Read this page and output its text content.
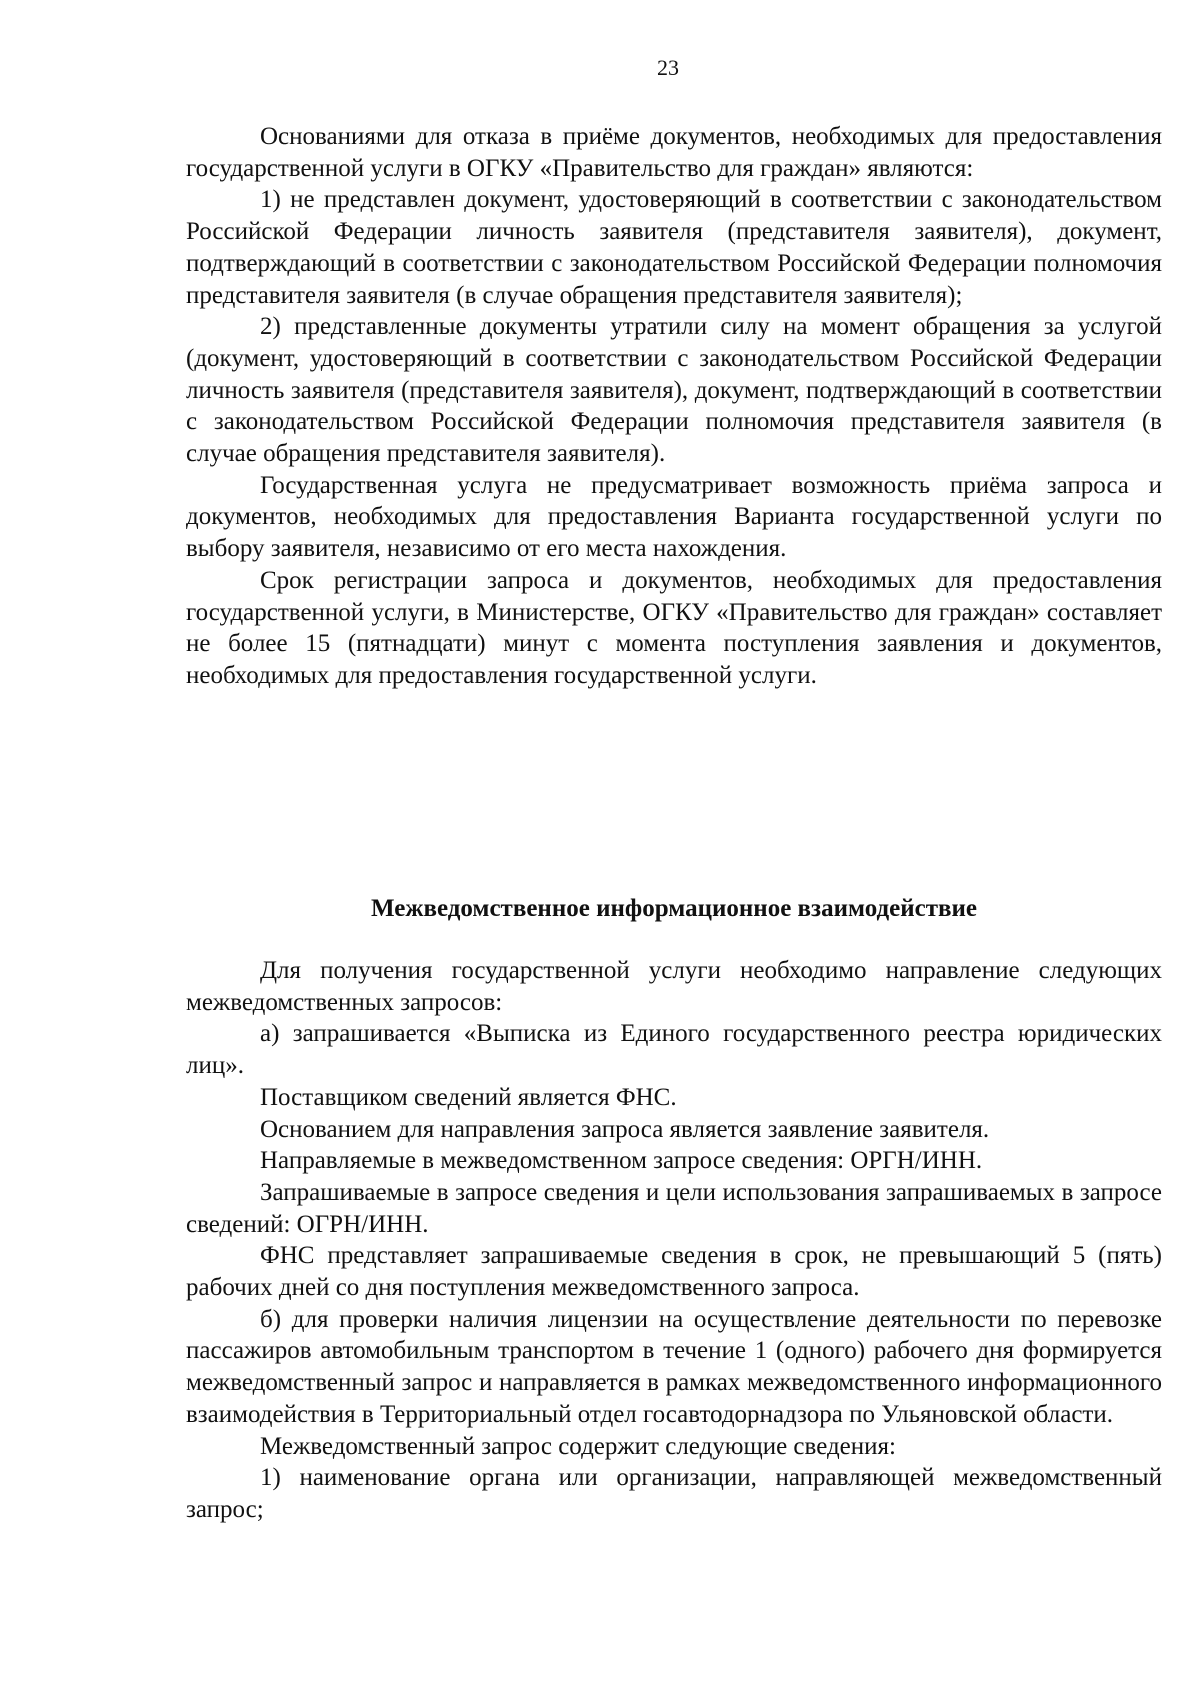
23

Основаниями для отказа в приёме документов, необходимых для предоставления государственной услуги в ОГКУ «Правительство для граждан» являются:

1) не представлен документ, удостоверяющий в соответствии с законодательством Российской Федерации личность заявителя (представителя заявителя), документ, подтверждающий в соответствии с законодательством Российской Федерации полномочия представителя заявителя (в случае обращения представителя заявителя);

2) представленные документы утратили силу на момент обращения за услугой (документ, удостоверяющий в соответствии с законодательством Российской Федерации личность заявителя (представителя заявителя), документ, подтверждающий в соответствии с законодательством Российской Федерации полномочия представителя заявителя (в случае обращения представителя заявителя).

Государственная услуга не предусматривает возможность приёма запроса и документов, необходимых для предоставления Варианта государственной услуги по выбору заявителя, независимо от его места нахождения.

Срок регистрации запроса и документов, необходимых для предоставления государственной услуги, в Министерстве, ОГКУ «Правительство для граждан» составляет не более 15 (пятнадцати) минут с момента поступления заявления и документов, необходимых для предоставления государственной услуги.

Межведомственное информационное взаимодействие

Для получения государственной услуги необходимо направление следующих межведомственных запросов:

а) запрашивается «Выписка из Единого государственного реестра юридических лиц».

Поставщиком сведений является ФНС.

Основанием для направления запроса является заявление заявителя.

Направляемые в межведомственном запросе сведения: ОРГН/ИНН.

Запрашиваемые в запросе сведения и цели использования запрашиваемых в запросе сведений: ОГРН/ИНН.

ФНС представляет запрашиваемые сведения в срок, не превышающий 5 (пять) рабочих дней со дня поступления межведомственного запроса.

б) для проверки наличия лицензии на осуществление деятельности по перевозке пассажиров автомобильным транспортом в течение 1 (одного) рабочего дня формируется межведомственный запрос и направляется в рамках межведомственного информационного взаимодействия в Территориальный отдел госавтодорнадзора по Ульяновской области.

Межведомственный запрос содержит следующие сведения:

1) наименование органа или организации, направляющей межведомственный запрос;
